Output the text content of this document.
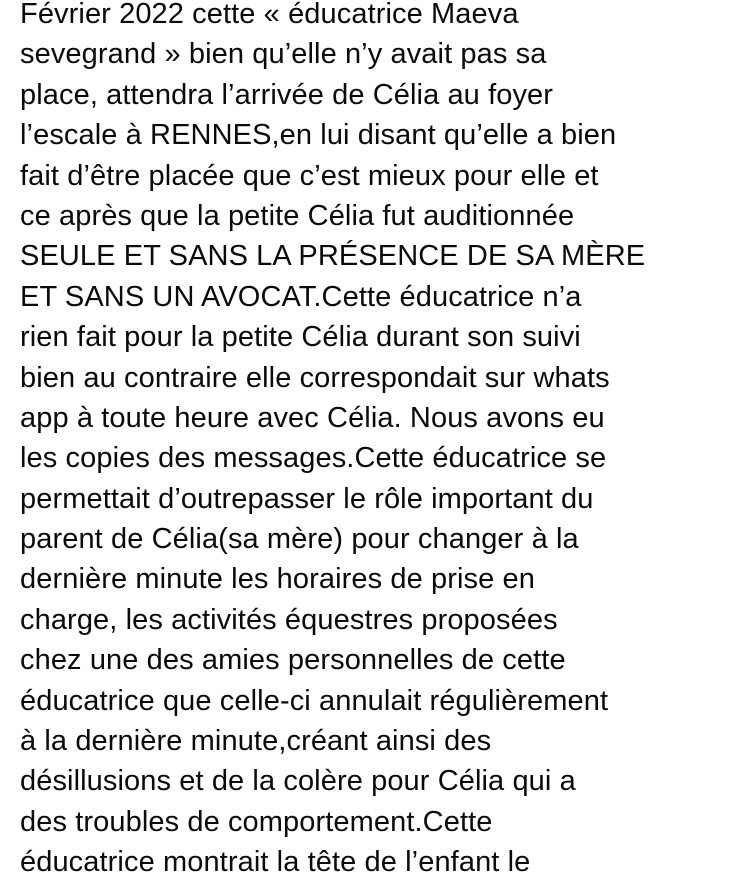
Février 2022 cette « éducatrice Maeva
sevegrand » bien qu’elle n’y avait pas sa
place, attendra l’arrivée de Célia au foyer
l’escale à RENNES,en lui disant qu’elle a bien
fait d’être placée que c’est mieux pour elle et
ce après que la petite Célia fut auditionnée
SEULE ET SANS LA PRÉSENCE DE SA MÈRE
ET SANS UN AVOCAT.Cette éducatrice n’a
rien fait pour la petite Célia durant son suivi
bien au contraire elle correspondait sur whats
app à toute heure avec Célia. Nous avons eu
les copies des messages.Cette éducatrice se
permettait d’outrepasser le rôle important du
parent de Célia(sa mère) pour changer à la
dernière minute les horaires de prise en
charge, les activités équestres proposées
chez une des amies personnelles de cette
éducatrice que celle-ci annulait régulièrement
à la dernière minute,créant ainsi des
désillusions et de la colère pour Célia qui a
des troubles de comportement.Cette
éducatrice montrait la tête de l’enfant le
